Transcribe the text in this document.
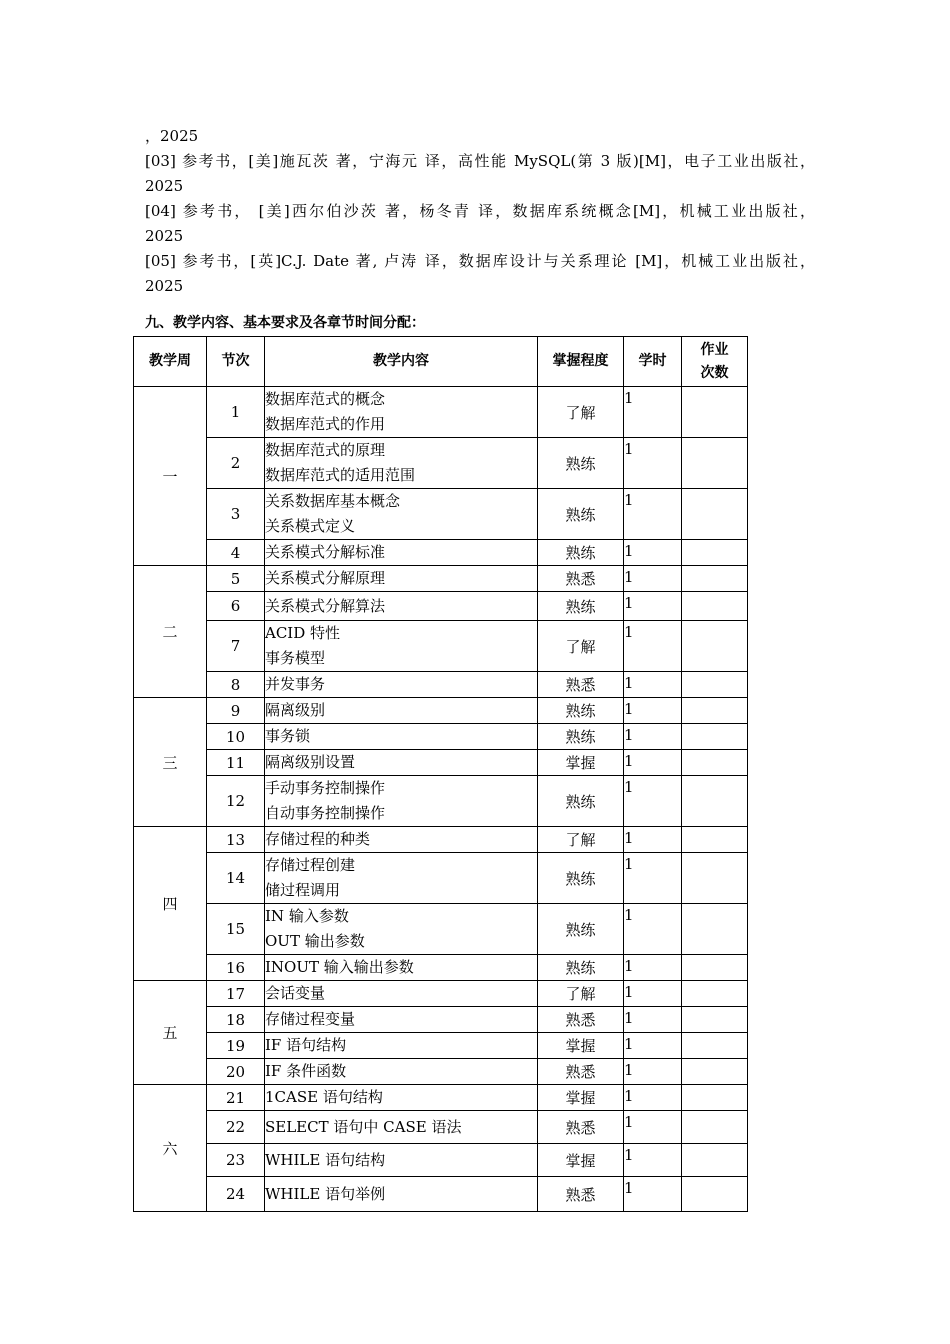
，2025
[03] 参考书，[美]施瓦茨 著，宁海元 译，高性能 MySQL(第 3 版)[M]，电子工业出版社，
2025
[04] 参考书， [美]西尔伯沙茨 著，杨冬青 译，数据库系统概念[M]，机械工业出版社，
2025
[05] 参考书，[英]C.J. Date 著, 卢涛 译，数据库设计与关系理论 [M]，机械工业出版社，
2025
九、教学内容、基本要求及各章节时间分配：
教学周	节次	教学内容	掌握程度	学时	作业
次数

一	1	数据库范式的概念
数据库范式的作用	了解	1	
	2	数据库范式的原理
数据库范式的适用范围	熟练	1	
	3	关系数据库基本概念
关系模式定义	熟练	1	
	4	关系模式分解标准	熟练	1	
二	5	关系模式分解原理	熟悉	1	
	6	关系模式分解算法	熟练	1	
	7	ACID 特性
事务模型	了解	1	
	8	并发事务	熟悉	1	
三	9	隔离级别	熟练	1	
	10	事务锁	熟练	1	
	11	隔离级别设置	掌握	1	
	12	手动事务控制操作
自动事务控制操作	熟练	1	
四	13	存储过程的种类	了解	1	
	14	存储过程创建
储过程调用	熟练	1	
	15	IN 输入参数
OUT 输出参数	熟练	1	
	16	INOUT 输入输出参数	熟练	1	
五	17	会话变量	了解	1	
	18	存储过程变量	熟悉	1	
	19	IF 语句结构	掌握	1	
	20	IF 条件函数	熟悉	1	
六	21	1CASE 语句结构	掌握	1	
	22	SELECT 语句中 CASE 语法	熟悉	1	
	23	WHILE 语句结构	掌握	1	
	24	WHILE 语句举例	熟悉	1	
